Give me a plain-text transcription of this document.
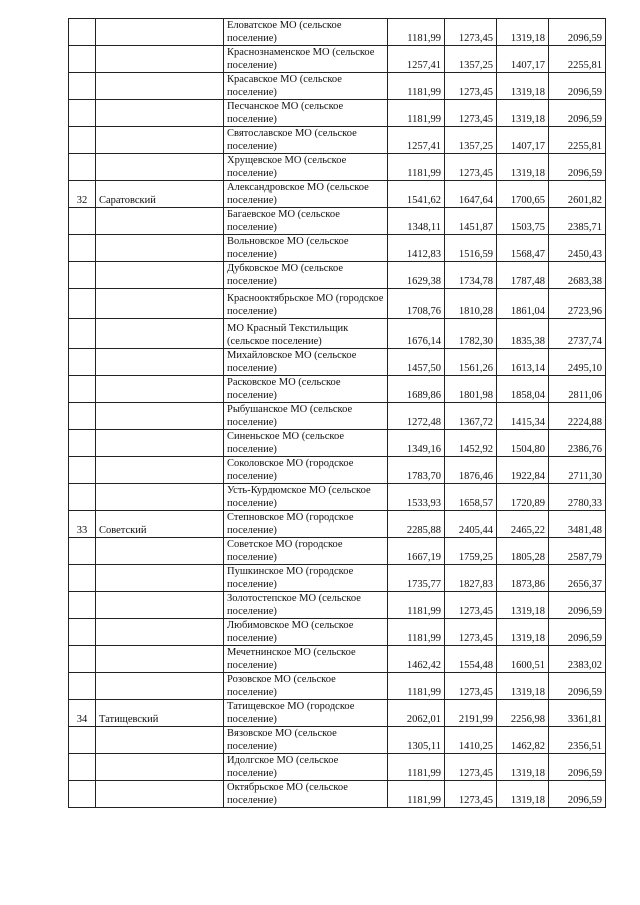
		Еловатское МО (сельское поселение)	1181,99	1273,45	1319,18	2096,59
		Краснознаменское МО (сельское поселение)	1257,41	1357,25	1407,17	2255,81
		Красавское МО (сельское поселение)	1181,99	1273,45	1319,18	2096,59
		Песчанское МО (сельское поселение)	1181,99	1273,45	1319,18	2096,59
		Святославское МО (сельское поселение)	1257,41	1357,25	1407,17	2255,81
		Хрущевское МО (сельское поселение)	1181,99	1273,45	1319,18	2096,59
32	Саратовский	Александровское МО (сельское поселение)	1541,62	1647,64	1700,65	2601,82
		Багаевское МО (сельское поселение)	1348,11	1451,87	1503,75	2385,71
		Вольновское МО (сельское поселение)	1412,83	1516,59	1568,47	2450,43
		Дубковское МО (сельское поселение)	1629,38	1734,78	1787,48	2683,38
		Краснооктябрьское МО (городское поселение)	1708,76	1810,28	1861,04	2723,96
		МО Красный Текстильщик (сельское поселение)	1676,14	1782,30	1835,38	2737,74
		Михайловское МО (сельское поселение)	1457,50	1561,26	1613,14	2495,10
		Расковское МО (сельское поселение)	1689,86	1801,98	1858,04	2811,06
		Рыбушанское МО (сельское поселение)	1272,48	1367,72	1415,34	2224,88
		Синеньское МО (сельское поселение)	1349,16	1452,92	1504,80	2386,76
		Соколовское МО (городское поселение)	1783,70	1876,46	1922,84	2711,30
		Усть-Курдюмское МО (сельское поселение)	1533,93	1658,57	1720,89	2780,33
33	Советский	Степновское МО (городское поселение)	2285,88	2405,44	2465,22	3481,48
		Советское МО (городское поселение)	1667,19	1759,25	1805,28	2587,79
		Пушкинское МО (городское поселение)	1735,77	1827,83	1873,86	2656,37
		Золотостепское МО (сельское поселение)	1181,99	1273,45	1319,18	2096,59
		Любимовское МО (сельское поселение)	1181,99	1273,45	1319,18	2096,59
		Мечетнинское МО (сельское поселение)	1462,42	1554,48	1600,51	2383,02
		Розовское МО (сельское поселение)	1181,99	1273,45	1319,18	2096,59
34	Татищевский	Татищевское МО (городское поселение)	2062,01	2191,99	2256,98	3361,81
		Вязовское МО (сельское поселение)	1305,11	1410,25	1462,82	2356,51
		Идолгское МО (сельское поселение)	1181,99	1273,45	1319,18	2096,59
		Октябрьское МО (сельское поселение)	1181,99	1273,45	1319,18	2096,59
